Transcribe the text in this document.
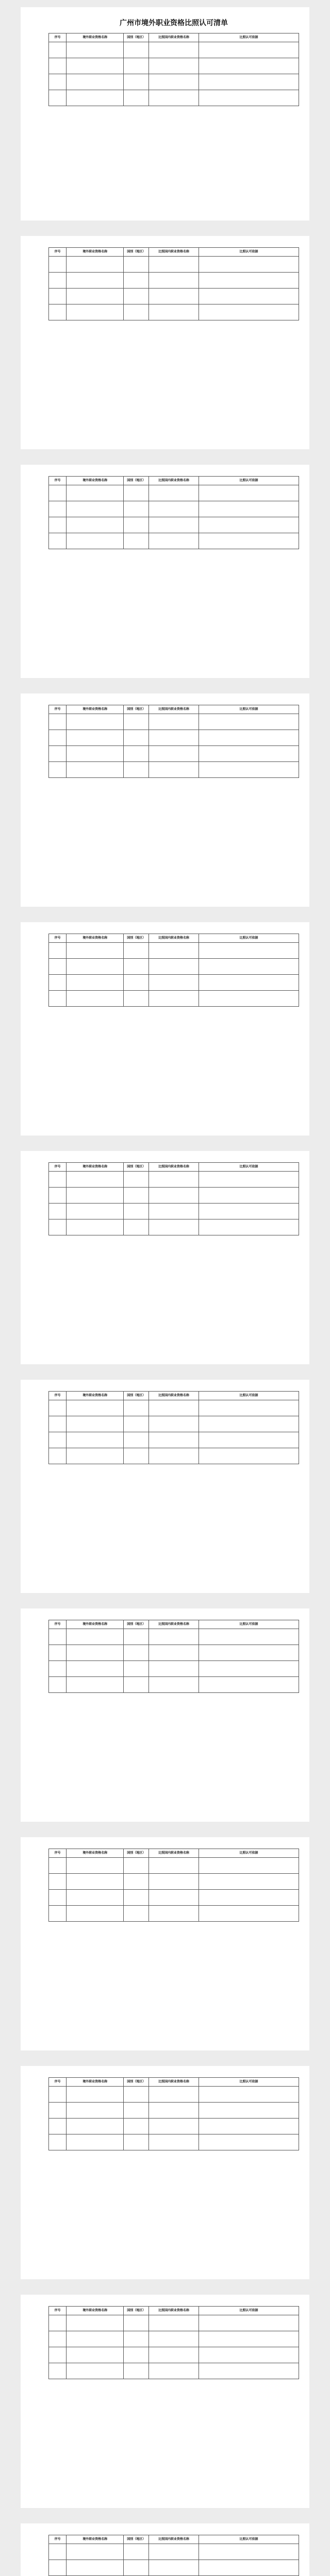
广州市境外职业资格比照认可清单
序号	境外职业资格名称	国别（地区）	比照国内职业资格名称	比照认可依据

序号	境外职业资格名称	国别（地区）	比照国内职业资格名称	比照认可依据

序号	境外职业资格名称	国别（地区）	比照国内职业资格名称	比照认可依据

序号	境外职业资格名称	国别（地区）	比照国内职业资格名称	比照认可依据

序号	境外职业资格名称	国别（地区）	比照国内职业资格名称	比照认可依据

序号	境外职业资格名称	国别（地区）	比照国内职业资格名称	比照认可依据

序号	境外职业资格名称	国别（地区）	比照国内职业资格名称	比照认可依据

序号	境外职业资格名称	国别（地区）	比照国内职业资格名称	比照认可依据

序号	境外职业资格名称	国别（地区）	比照国内职业资格名称	比照认可依据

序号	境外职业资格名称	国别（地区）	比照国内职业资格名称	比照认可依据

序号	境外职业资格名称	国别（地区）	比照国内职业资格名称	比照认可依据

序号	境外职业资格名称	国别（地区）	比照国内职业资格名称	比照认可依据
